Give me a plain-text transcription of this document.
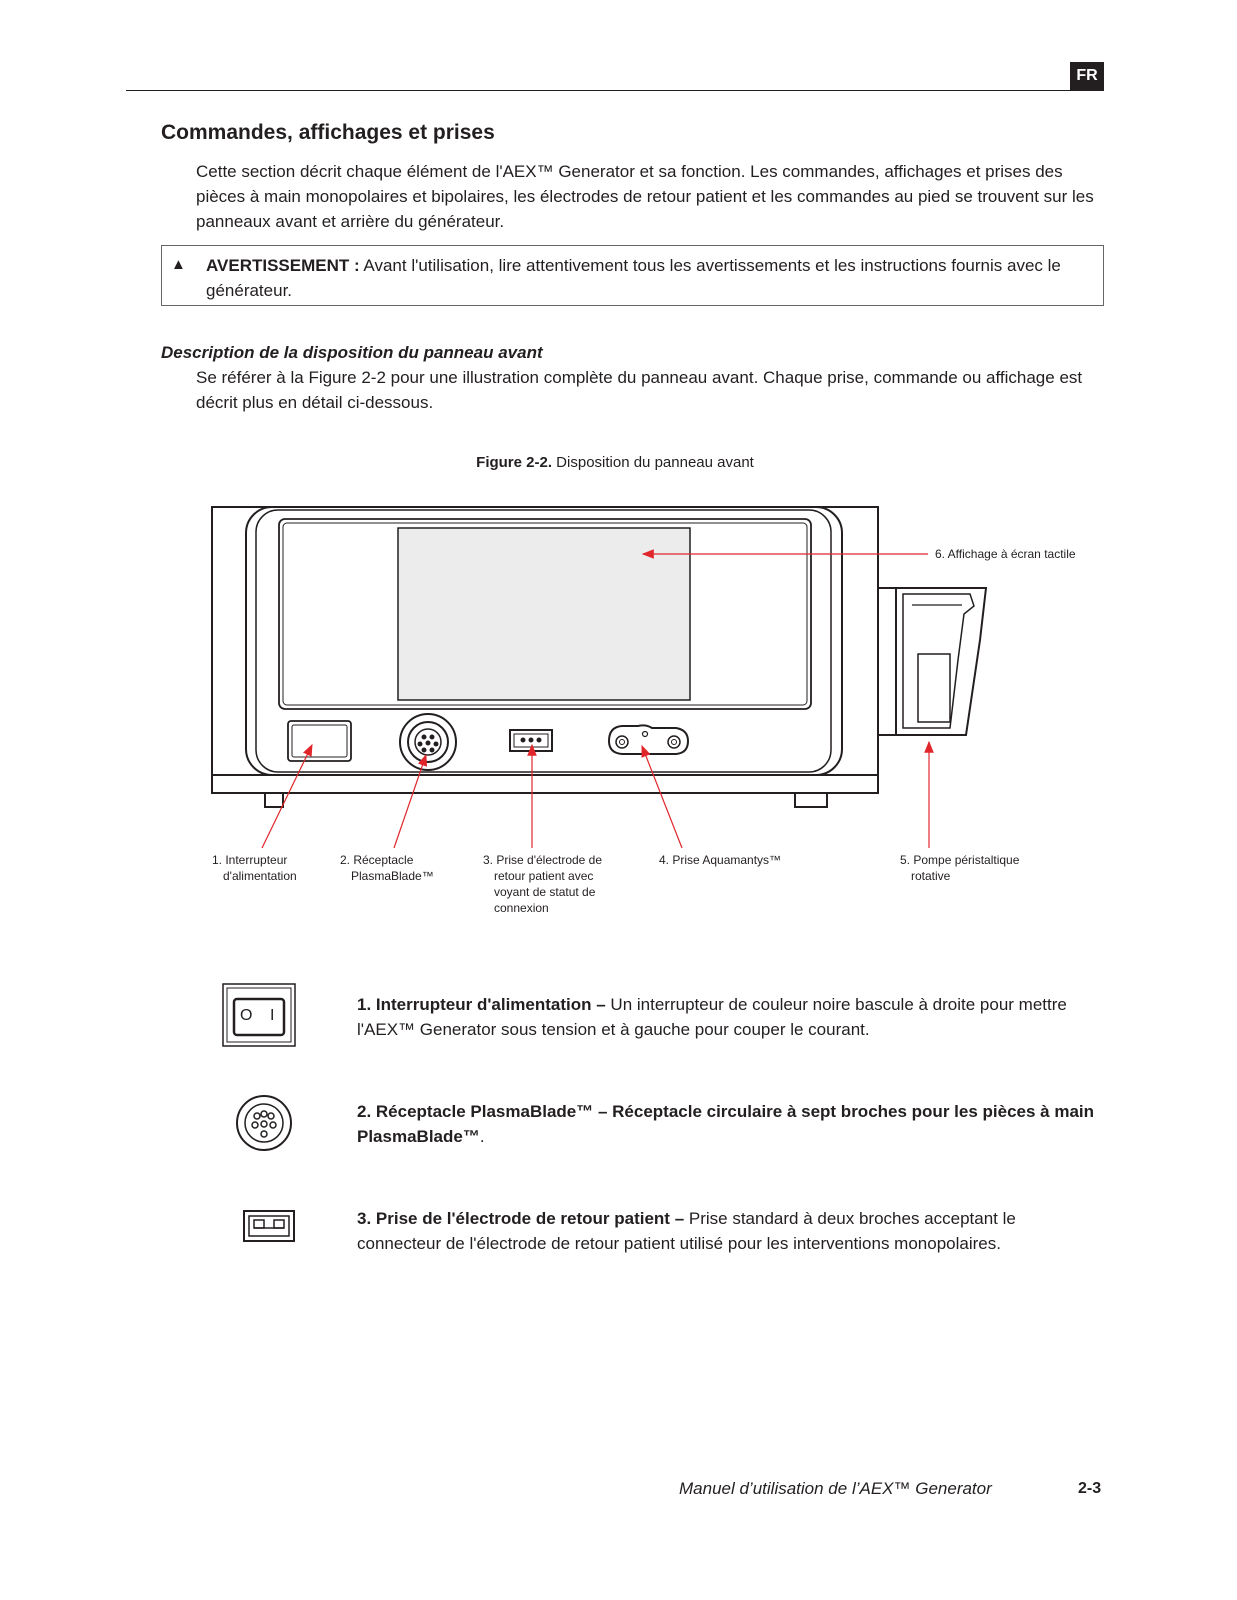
FR
Commandes, affichages et prises
Cette section décrit chaque élément de l'AEX™ Generator et sa fonction. Les commandes, affichages et prises des pièces à main monopolaires et bipolaires, les électrodes de retour patient et les commandes au pied se trouvent sur les panneaux avant et arrière du générateur.
▲ AVERTISSEMENT : Avant l'utilisation, lire attentivement tous les avertissements et les instructions fournis avec le générateur.
Description de la disposition du panneau avant
Se référer à la Figure 2-2 pour une illustration complète du panneau avant. Chaque prise, commande ou affichage est décrit plus en détail ci-dessous.
Figure 2-2. Disposition du panneau avant
6. Affichage à écran tactile
1. Interrupteur
d'alimentation
2. Réceptacle
PlasmaBlade™
3. Prise d'électrode de
retour patient avec
voyant de statut de
connexion
4. Prise Aquamantys™	5. Pompe péristaltique
rotative
O I
1. Interrupteur d'alimentation – Un interrupteur de couleur noire bascule à droite pour mettre l'AEX™ Generator sous tension et à gauche pour couper le courant.
2. Réceptacle PlasmaBlade™ – Réceptacle circulaire à sept broches pour les pièces à main PlasmaBlade™.
3. Prise de l'électrode de retour patient – Prise standard à deux broches acceptant le connecteur de l'électrode de retour patient utilisé pour les interventions monopolaires.
Manuel d’utilisation de l’AEX™ Generator	2-3
